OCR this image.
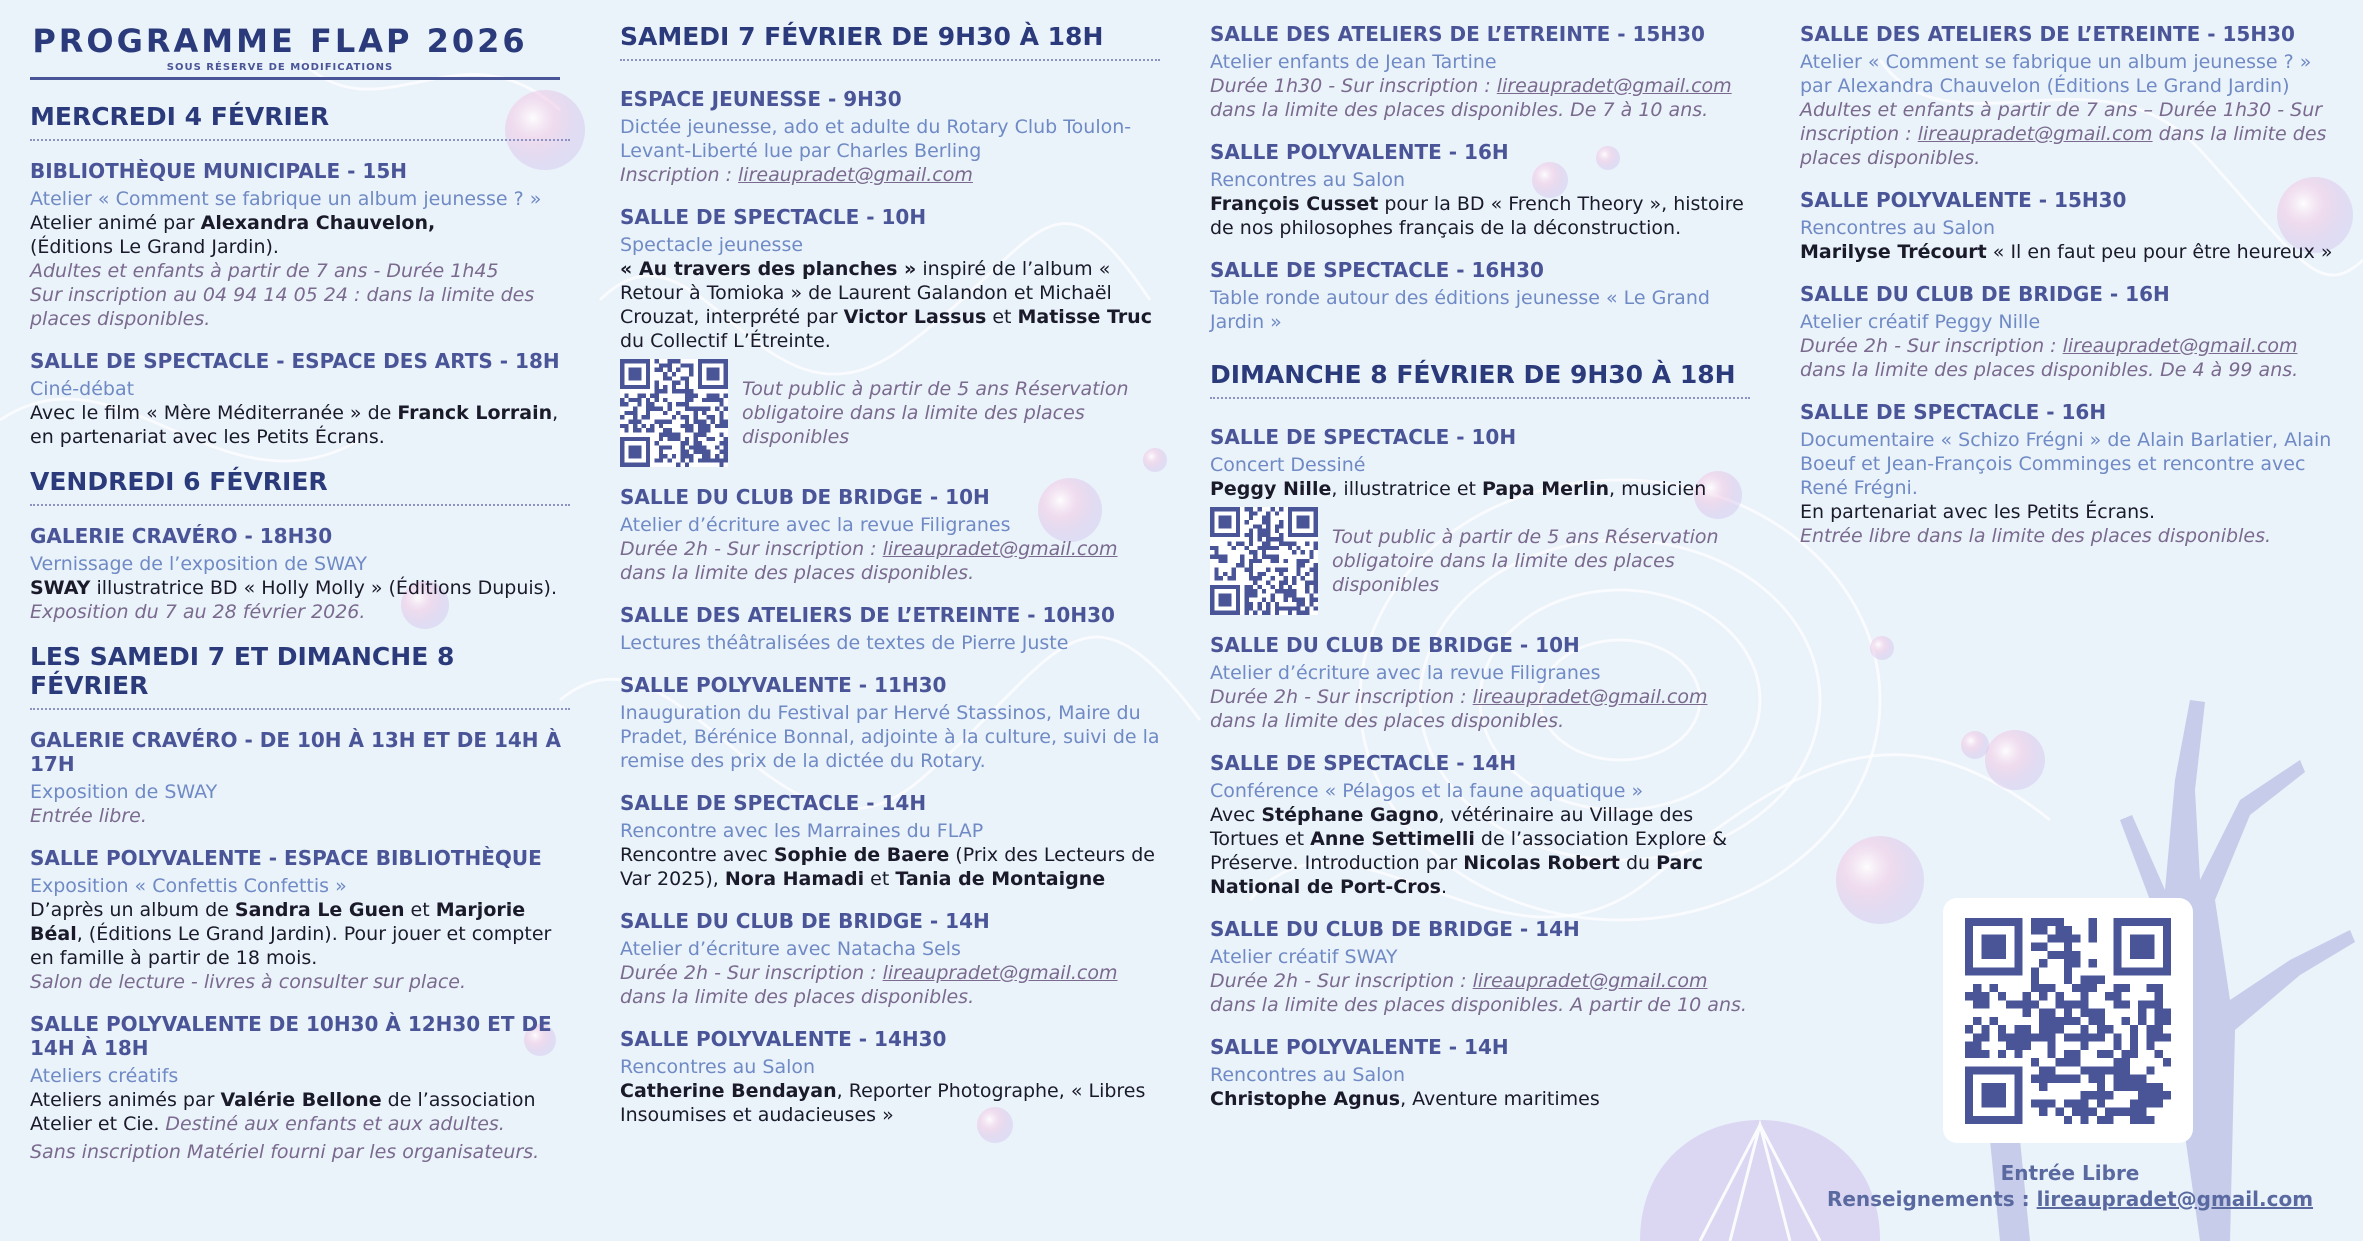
PROGRAMME FLAP 2026
SOUS RÉSERVE DE MODIFICATIONS
MERCREDI 4 FÉVRIER
BIBLIOTHÈQUE MUNICIPALE - 15H
Atelier « Comment se fabrique un album jeunesse ? »
Atelier animé par Alexandra Chauvelon,
(Éditions Le Grand Jardin).
Adultes et enfants à partir de 7 ans - Durée 1h45
Sur inscription au 04 94 14 05 24 : dans la limite des places disponibles.
SALLE DE SPECTACLE - ESPACE DES ARTS - 18H
Ciné-débat
Avec le film « Mère Méditerranée » de Franck Lorrain, en partenariat avec les Petits Écrans.
VENDREDI 6 FÉVRIER
GALERIE CRAVÉRO - 18H30
Vernissage de l’exposition de SWAY
SWAY illustratrice BD « Holly Molly » (Éditions Dupuis).
Exposition du 7 au 28 février 2026.
LES SAMEDI 7 ET DIMANCHE 8 FÉVRIER
GALERIE CRAVÉRO - DE 10H À 13H ET DE 14H À 17H
Exposition de SWAY
Entrée libre.
SALLE POLYVALENTE - ESPACE BIBLIOTHÈQUE
Exposition « Confettis Confettis »
D’après un album de Sandra Le Guen et Marjorie Béal, (Éditions Le Grand Jardin). Pour jouer et compter en famille à partir de 18 mois.
Salon de lecture - livres à consulter sur place.
SALLE POLYVALENTE DE 10H30 À 12H30 ET DE 14H À 18H
Ateliers créatifs
Ateliers animés par Valérie Bellone de l’association Atelier et Cie. Destiné aux enfants et aux adultes.
Sans inscription Matériel fourni par les organisateurs.
SAMEDI 7 FÉVRIER DE 9H30 À 18H
ESPACE JEUNESSE - 9H30
Dictée jeunesse, ado et adulte du Rotary Club Toulon-Levant-Liberté lue par Charles Berling
Inscription : lireaupradet@gmail.com
SALLE DE SPECTACLE - 10H
Spectacle jeunesse
« Au travers des planches » inspiré de l’album « Retour à Tomioka » de Laurent Galandon et Michaël Crouzat, interprété par Victor Lassus et Matisse Truc du Collectif L’Étreinte.
Tout public à partir de 5 ans Réservation obligatoire dans la limite des places disponibles
SALLE DU CLUB DE BRIDGE - 10H
Atelier d’écriture avec la revue Filigranes
Durée 2h - Sur inscription : lireaupradet@gmail.com
dans la limite des places disponibles.
SALLE DES ATELIERS DE L’ETREINTE - 10H30
Lectures théâtralisées de textes de Pierre Juste
SALLE POLYVALENTE - 11H30
Inauguration du Festival par Hervé Stassinos, Maire du Pradet, Bérénice Bonnal, adjointe à la culture, suivi de la remise des prix de la dictée du Rotary.
SALLE DE SPECTACLE - 14H
Rencontre avec les Marraines du FLAP
Rencontre avec Sophie de Baere (Prix des Lecteurs de Var 2025), Nora Hamadi et Tania de Montaigne
SALLE DU CLUB DE BRIDGE - 14H
Atelier d’écriture avec Natacha Sels
Durée 2h - Sur inscription : lireaupradet@gmail.com
dans la limite des places disponibles.
SALLE POLYVALENTE - 14H30
Rencontres au Salon
Catherine Bendayan, Reporter Photographe, « Libres Insoumises et audacieuses »
SALLE DES ATELIERS DE L’ETREINTE - 15H30
Atelier enfants de Jean Tartine
Durée 1h30 - Sur inscription : lireaupradet@gmail.com
dans la limite des places disponibles. De 7 à 10 ans.
SALLE POLYVALENTE - 16H
Rencontres au Salon
François Cusset pour la BD « French Theory », histoire de nos philosophes français de la déconstruction.
SALLE DE SPECTACLE - 16H30
Table ronde autour des éditions jeunesse « Le Grand Jardin »
DIMANCHE 8 FÉVRIER DE 9H30 À 18H
SALLE DE SPECTACLE - 10H
Concert Dessiné
Peggy Nille, illustratrice et Papa Merlin, musicien
Tout public à partir de 5 ans Réservation obligatoire dans la limite des places disponibles
SALLE DU CLUB DE BRIDGE - 10H
Atelier d’écriture avec la revue Filigranes
Durée 2h - Sur inscription : lireaupradet@gmail.com
dans la limite des places disponibles.
SALLE DE SPECTACLE - 14H
Conférence « Pélagos et la faune aquatique »
Avec Stéphane Gagno, vétérinaire au Village des Tortues et Anne Settimelli de l’association Explore & Préserve. Introduction par Nicolas Robert du Parc National de Port-Cros.
SALLE DU CLUB DE BRIDGE - 14H
Atelier créatif SWAY
Durée 2h - Sur inscription : lireaupradet@gmail.com
dans la limite des places disponibles. A partir de 10 ans.
SALLE POLYVALENTE - 14H
Rencontres au Salon
Christophe Agnus, Aventure maritimes
SALLE DES ATELIERS DE L’ETREINTE - 15H30
Atelier « Comment se fabrique un album jeunesse ? » par Alexandra Chauvelon (Éditions Le Grand Jardin)
Adultes et enfants à partir de 7 ans – Durée 1h30 - Sur inscription : lireaupradet@gmail.com dans la limite des places disponibles.
SALLE POLYVALENTE - 15H30
Rencontres au Salon
Marilyse Trécourt « Il en faut peu pour être heureux »
SALLE DU CLUB DE BRIDGE - 16H
Atelier créatif Peggy Nille
Durée 2h - Sur inscription : lireaupradet@gmail.com
dans la limite des places disponibles. De 4 à 99 ans.
SALLE DE SPECTACLE - 16H
Documentaire « Schizo Frégni » de Alain Barlatier, Alain Boeuf et Jean-François Comminges et rencontre avec René Frégni.
En partenariat avec les Petits Écrans.
Entrée libre dans la limite des places disponibles.
Entrée Libre
Renseignements : lireaupradet@gmail.com
